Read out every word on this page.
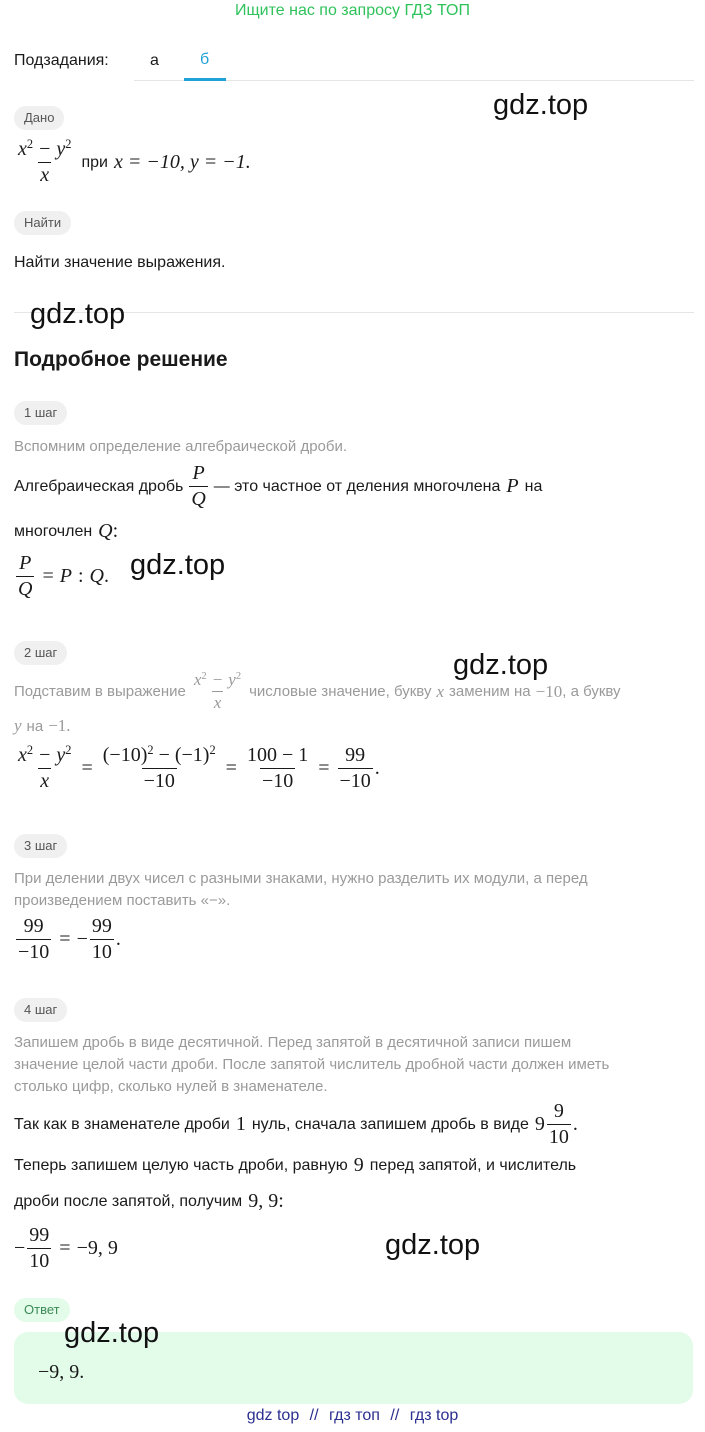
Ищите нас по запросу ГДЗ ТОП
Подзадания:	а	б
Дано
$\frac{x^2 - y^2}{x}$ при x = −10, y = −1.
Найти
Найти значение выражения.
Подробное решение
1 шаг
Вспомним определение алгебраической дроби.
Алгебраическая дробь $\frac{P}{Q}$ — это частное от деления многочлена P на
многочлен Q :
$\frac{P}{Q} = P$ : Q .
2 шаг
Подставим в выражение $\frac{x^2 - y^2}{x}$ числовые значение, букву x заменим на −10 , а букву
y на −1.
$\frac{x^2 - y^2}{x} = \frac{(-10)^2 - (-1)^2}{-10} = \frac{100 - 1}{-10} = \frac{99}{-10}$ .
3 шаг
При делении двух чисел с разными знаками, нужно разделить их модули, а перед
произведением поставить «−».
$\frac{99}{-10}$ = − $\frac{99}{10}$ .
4 шаг
Запишем дробь в виде десятичной. Перед запятой в десятичной записи пишем
значение целой части дроби. После запятой числитель дробной части должен иметь
столько цифр, сколько нулей в знаменателе.
Так как в знаменателе дроби 1 нуль, сначала запишем дробь в виде $9 \frac{9}{10}$ .
Теперь запишем целую часть дроби, равную 9 перед запятой, и числитель
дроби после запятой, получим 9, 9:
− $\frac{99}{10} = -9$, 9
Ответ
−9, 9.
gdz.top
gdz.top
gdz.top
gdz.top
gdz.top
gdz.top
gdz top // гдз топ // гдз top
